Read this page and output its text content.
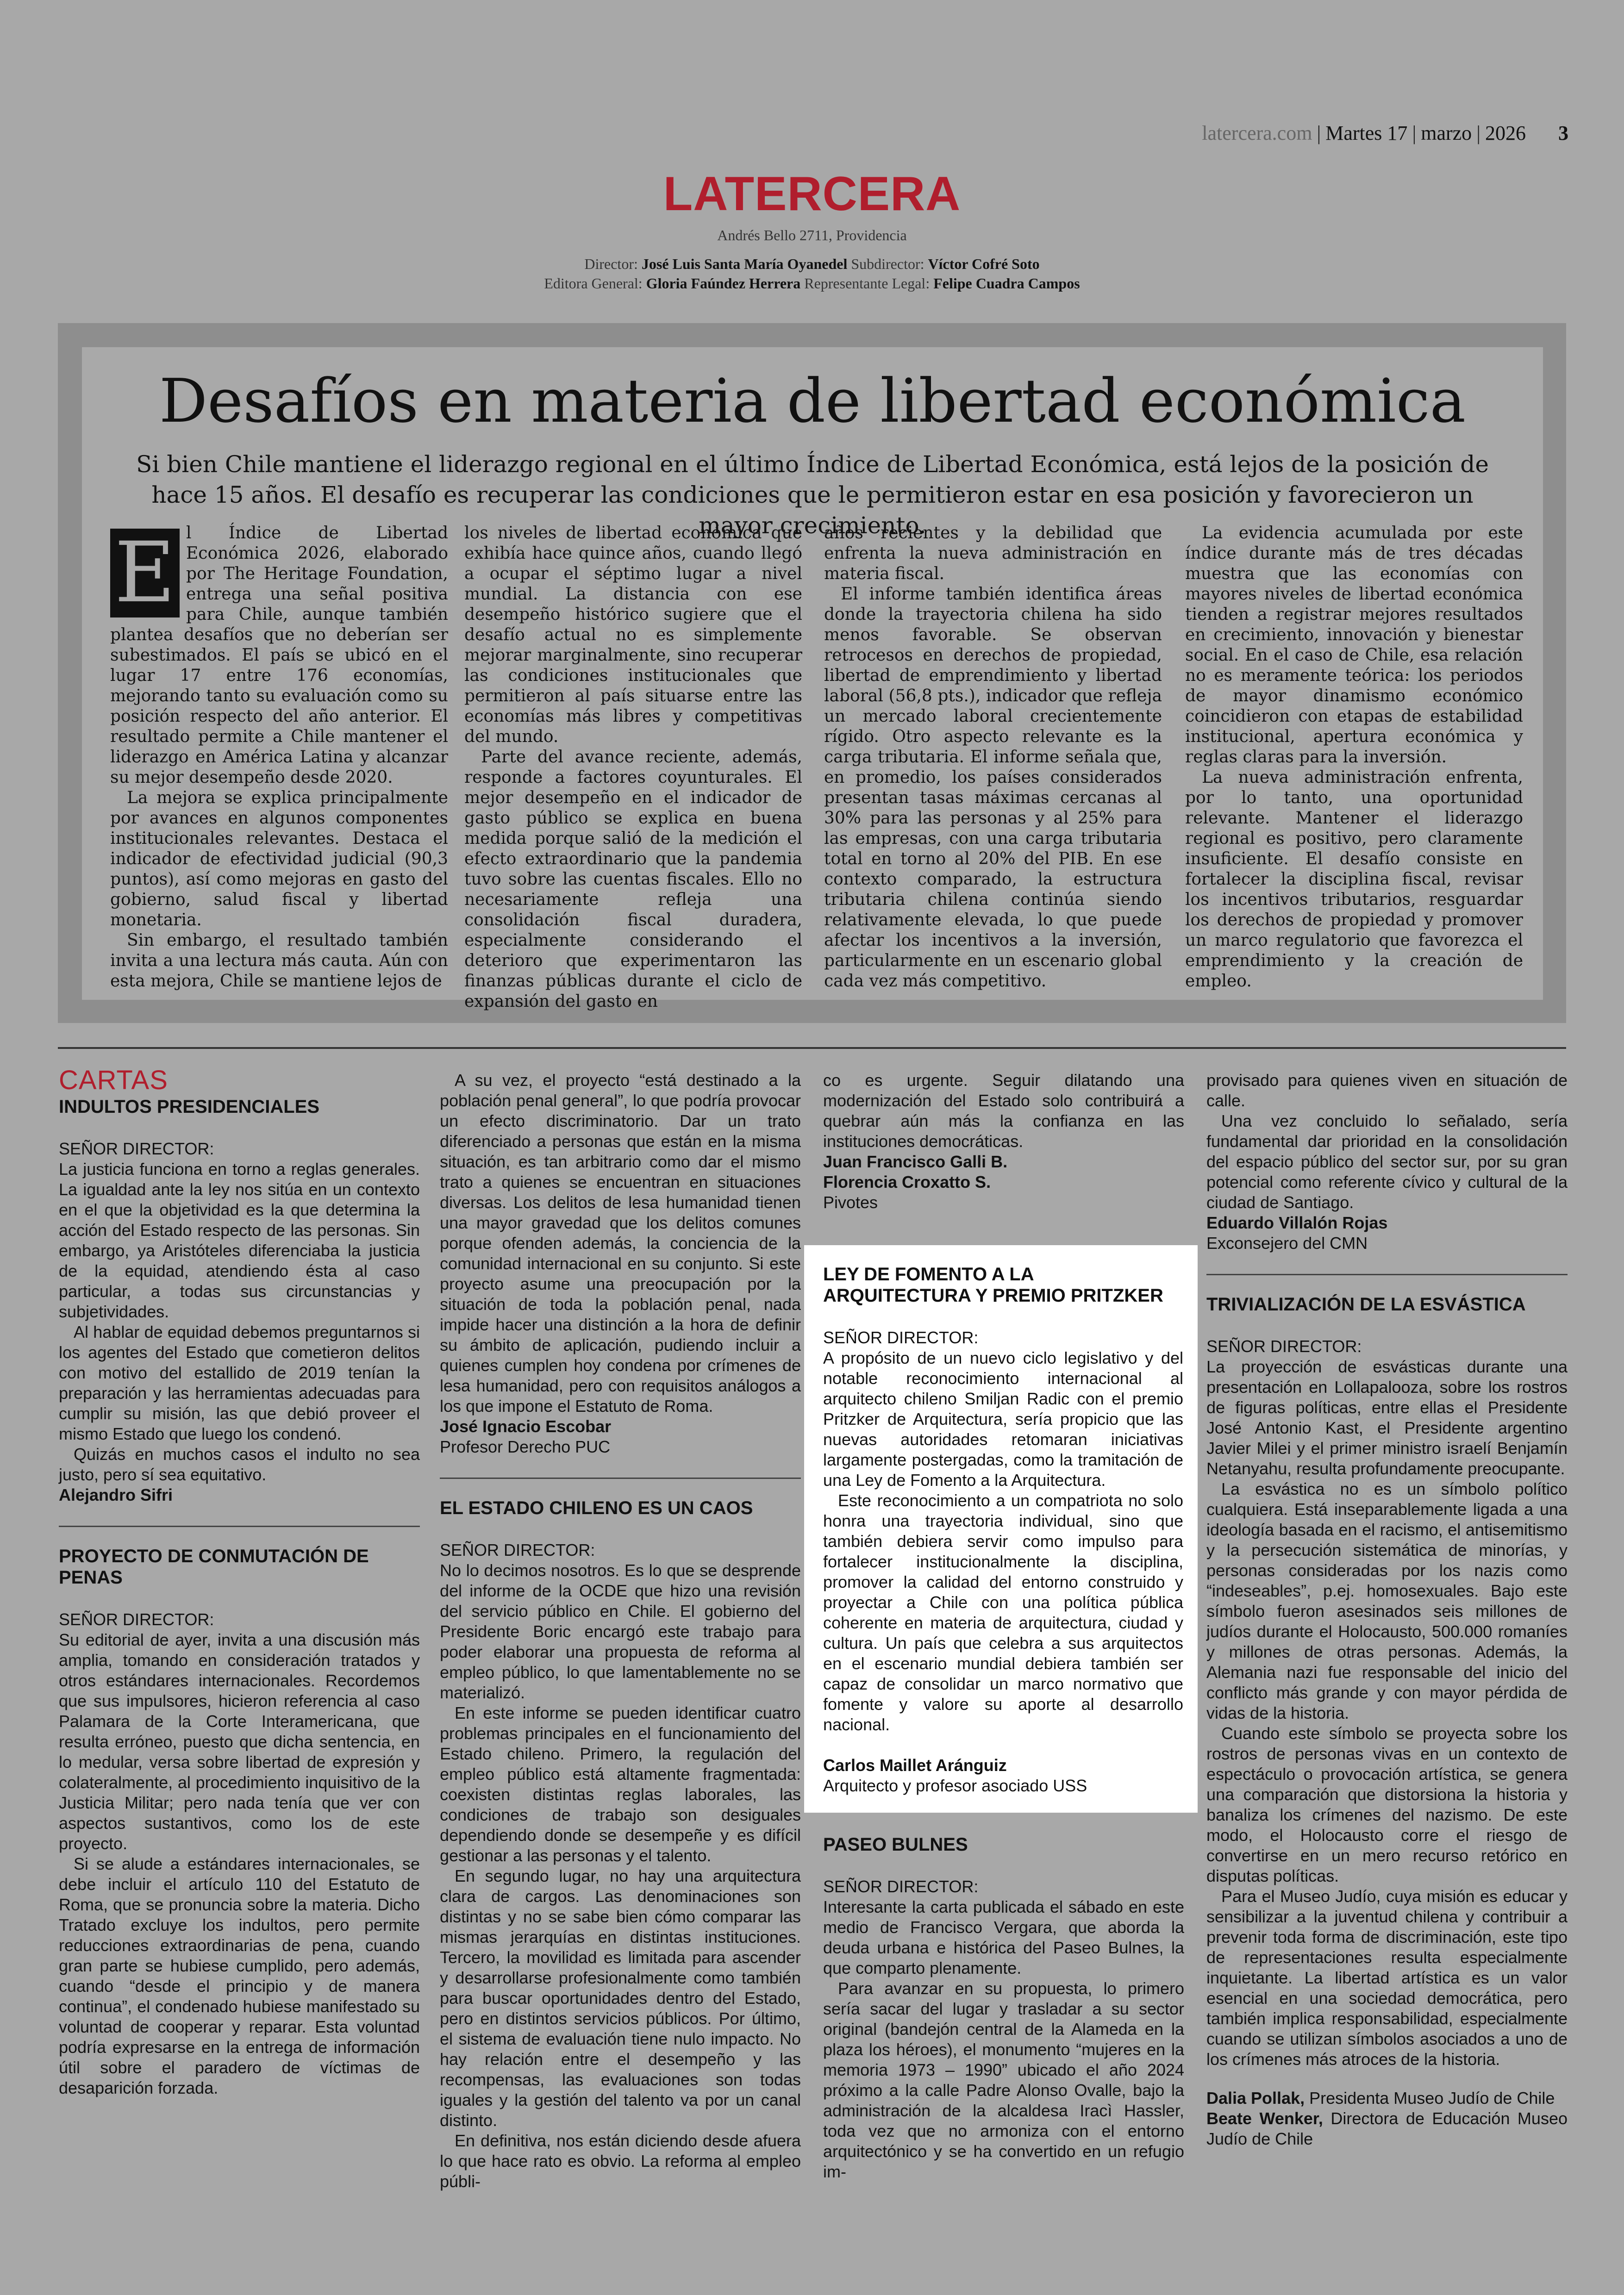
latercera.com | Martes 17 | marzo | 2026 3
LATERCERA
Andrés Bello 2711, Providencia
Director: José Luis Santa María Oyanedel Subdirector: Víctor Cofré Soto
Editora General: Gloria Faúndez Herrera Representante Legal: Felipe Cuadra Campos
Desafíos en materia de libertad económica
Si bien Chile mantiene el liderazgo regional en el último Índice de Libertad Económica, está lejos de la posición de hace 15 años. El desafío es recuperar las condiciones que le permitieron estar en esa posición y favorecieron un mayor crecimiento.

E l Índice de Libertad Económica 2026, elaborado por The Heritage Foundation, entrega una señal positiva para Chile, aunque también plantea desafíos que no deberían ser subestimados. El país se ubicó en el lugar 17 entre 176 economías, mejorando tanto su evaluación como su posición respecto del año anterior. El resultado permite a Chile mantener el liderazgo en América Latina y alcanzar su mejor desempeño desde 2020.

La mejora se explica principalmente por avances en algunos componentes institucionales relevantes. Destaca el indicador de efectividad judicial (90,3 puntos), así como mejoras en gasto del gobierno, salud fiscal y libertad monetaria.

Sin embargo, el resultado también invita a una lectura más cauta. Aún con esta mejora, Chile se mantiene lejos de

los niveles de libertad económica que exhibía hace quince años, cuando llegó a ocupar el séptimo lugar a nivel mundial. La distancia con ese desempeño histórico sugiere que el desafío actual no es simplemente mejorar marginalmente, sino recuperar las condiciones institucionales que permitieron al país situarse entre las economías más libres y competitivas del mundo.

Parte del avance reciente, además, responde a factores coyunturales. El mejor desempeño en el indicador de gasto público se explica en buena medida porque salió de la medición el efecto extraordinario que la pandemia tuvo sobre las cuentas fiscales. Ello no necesariamente refleja una consolidación fiscal duradera, especialmente considerando el deterioro que experimentaron las finanzas públicas durante el ciclo de expansión del gasto en

años recientes y la debilidad que enfrenta la nueva administración en materia fiscal.

El informe también identifica áreas donde la trayectoria chilena ha sido menos favorable. Se observan retrocesos en derechos de propiedad, libertad de emprendimiento y libertad laboral (56,8 pts.), indicador que refleja un mercado laboral crecientemente rígido. Otro aspecto relevante es la carga tributaria. El informe señala que, en promedio, los países considerados presentan tasas máximas cercanas al 30% para las personas y al 25% para las empresas, con una carga tributaria total en torno al 20% del PIB. En ese contexto comparado, la estructura tributaria chilena continúa siendo relativamente elevada, lo que puede afectar los incentivos a la inversión, particularmente en un escenario global cada vez más competitivo.

La evidencia acumulada por este índice durante más de tres décadas muestra que las economías con mayores niveles de libertad económica tienden a registrar mejores resultados en crecimiento, innovación y bienestar social. En el caso de Chile, esa relación no es meramente teórica: los periodos de mayor dinamismo económico coincidieron con etapas de estabilidad institucional, apertura económica y reglas claras para la inversión.

La nueva administración enfrenta, por lo tanto, una oportunidad relevante. Mantener el liderazgo regional es positivo, pero claramente insuficiente. El desafío consiste en fortalecer la disciplina fiscal, revisar los incentivos tributarios, resguardar los derechos de propiedad y promover un marco regulatorio que favorezca el emprendimiento y la creación de empleo.

CARTAS
INDULTOS PRESIDENCIALES

SEÑOR DIRECTOR:

La justicia funciona en torno a reglas generales. La igualdad ante la ley nos sitúa en un contexto en el que la objetividad es la que determina la acción del Estado respecto de las personas. Sin embargo, ya Aristóteles diferenciaba la justicia de la equidad, atendiendo ésta al caso particular, a todas sus circunstancias y subjetividades.

Al hablar de equidad debemos preguntarnos si los agentes del Estado que cometieron delitos con motivo del estallido de 2019 tenían la preparación y las herramientas adecuadas para cumplir su misión, las que debió proveer el mismo Estado que luego los condenó.

Quizás en muchos casos el indulto no sea justo, pero sí sea equitativo.

Alejandro Sifri

PROYECTO DE CONMUTACIÓN DE PENAS

SEÑOR DIRECTOR:

Su editorial de ayer, invita a una discusión más amplia, tomando en consideración tratados y otros estándares internacionales. Recordemos que sus impulsores, hicieron referencia al caso Palamara de la Corte Interamericana, que resulta erróneo, puesto que dicha sentencia, en lo medular, versa sobre libertad de expresión y colateralmente, al procedimiento inquisitivo de la Justicia Militar; pero nada tenía que ver con aspectos sustantivos, como los de este proyecto.

Si se alude a estándares internacionales, se debe incluir el artículo 110 del Estatuto de Roma, que se pronuncia sobre la materia. Dicho Tratado excluye los indultos, pero permite reducciones extraordinarias de pena, cuando gran parte se hubiese cumplido, pero además, cuando “desde el principio y de manera continua”, el condenado hubiese manifestado su voluntad de cooperar y reparar. Esta voluntad podría expresarse en la entrega de información útil sobre el paradero de víctimas de desaparición forzada.

A su vez, el proyecto “está destinado a la población penal general”, lo que podría provocar un efecto discriminatorio. Dar un trato diferenciado a personas que están en la misma situación, es tan arbitrario como dar el mismo trato a quienes se encuentran en situaciones diversas. Los delitos de lesa humanidad tienen una mayor gravedad que los delitos comunes porque ofenden además, la conciencia de la comunidad internacional en su conjunto. Si este proyecto asume una preocupación por la situación de toda la población penal, nada impide hacer una distinción a la hora de definir su ámbito de aplicación, pudiendo incluir a quienes cumplen hoy condena por crímenes de lesa humanidad, pero con requisitos análogos a los que impone el Estatuto de Roma.

José Ignacio Escobar

Profesor Derecho PUC

EL ESTADO CHILENO ES UN CAOS

SEÑOR DIRECTOR:

No lo decimos nosotros. Es lo que se desprende del informe de la OCDE que hizo una revisión del servicio público en Chile. El gobierno del Presidente Boric encargó este trabajo para poder elaborar una propuesta de reforma al empleo público, lo que lamentablemente no se materializó.

En este informe se pueden identificar cuatro problemas principales en el funcionamiento del Estado chileno. Primero, la regulación del empleo público está altamente fragmentada: coexisten distintas reglas laborales, las condiciones de trabajo son desiguales dependiendo donde se desempeñe y es difícil gestionar a las personas y el talento.

En segundo lugar, no hay una arquitectura clara de cargos. Las denominaciones son distintas y no se sabe bien cómo comparar las mismas jerarquías en distintas instituciones. Tercero, la movilidad es limitada para ascender y desarrollarse profesionalmente como también para buscar oportunidades dentro del Estado, pero en distintos servicios públicos. Por último, el sistema de evaluación tiene nulo impacto. No hay relación entre el desempeño y las recompensas, las evaluaciones son todas iguales y la gestión del talento va por un canal distinto.

En definitiva, nos están diciendo desde afuera lo que hace rato es obvio. La reforma al empleo públi-

co es urgente. Seguir dilatando una modernización del Estado solo contribuirá a quebrar aún más la confianza en las instituciones democráticas.

Juan Francisco Galli B.

Florencia Croxatto S.

Pivotes

LEY DE FOMENTO A LA ARQUITECTURA Y PREMIO PRITZKER

SEÑOR DIRECTOR:

A propósito de un nuevo ciclo legislativo y del notable reconocimiento internacional al arquitecto chileno Smiljan Radic con el premio Pritzker de Arquitectura, sería propicio que las nuevas autoridades retomaran iniciativas largamente postergadas, como la tramitación de una Ley de Fomento a la Arquitectura.

Este reconocimiento a un compatriota no solo honra una trayectoria individual, sino que también debiera servir como impulso para fortalecer institucionalmente la disciplina, promover la calidad del entorno construido y proyectar a Chile con una política pública coherente en materia de arquitectura, ciudad y cultura. Un país que celebra a sus arquitectos en el escenario mundial debiera también ser capaz de consolidar un marco normativo que fomente y valore su aporte al desarrollo nacional.

Carlos Maillet Aránguiz

Arquitecto y profesor asociado USS

PASEO BULNES

SEÑOR DIRECTOR:

Interesante la carta publicada el sábado en este medio de Francisco Vergara, que aborda la deuda urbana e histórica del Paseo Bulnes, la que comparto plenamente.

Para avanzar en su propuesta, lo primero sería sacar del lugar y trasladar a su sector original (bandejón central de la Alameda en la plaza los héroes), el monumento “mujeres en la memoria 1973 – 1990” ubicado el año 2024 próximo a la calle Padre Alonso Ovalle, bajo la administración de la alcaldesa Iracì Hassler, toda vez que no armoniza con el entorno arquitectónico y se ha convertido en un refugio im-

provisado para quienes viven en situación de calle.

Una vez concluido lo señalado, sería fundamental dar prioridad en la consolidación del espacio público del sector sur, por su gran potencial como referente cívico y cultural de la ciudad de Santiago.

Eduardo Villalón Rojas

Exconsejero del CMN

TRIVIALIZACIÓN DE LA ESVÁSTICA

SEÑOR DIRECTOR:

La proyección de esvásticas durante una presentación en Lollapalooza, sobre los rostros de figuras políticas, entre ellas el Presidente José Antonio Kast, el Presidente argentino Javier Milei y el primer ministro israelí Benjamín Netanyahu, resulta profundamente preocupante.

La esvástica no es un símbolo político cualquiera. Está inseparablemente ligada a una ideología basada en el racismo, el antisemitismo y la persecución sistemática de minorías, y personas consideradas por los nazis como “indeseables”, p.ej. homosexuales. Bajo este símbolo fueron asesinados seis millones de judíos durante el Holocausto, 500.000 romaníes y millones de otras personas. Además, la Alemania nazi fue responsable del inicio del conflicto más grande y con mayor pérdida de vidas de la historia.

Cuando este símbolo se proyecta sobre los rostros de personas vivas en un contexto de espectáculo o provocación artística, se genera una comparación que distorsiona la historia y banaliza los crímenes del nazismo. De este modo, el Holocausto corre el riesgo de convertirse en un mero recurso retórico en disputas políticas.

Para el Museo Judío, cuya misión es educar y sensibilizar a la juventud chilena y contribuir a prevenir toda forma de discriminación, este tipo de representaciones resulta especialmente inquietante. La libertad artística es un valor esencial en una sociedad democrática, pero también implica responsabilidad, especialmente cuando se utilizan símbolos asociados a uno de los crímenes más atroces de la historia.

Dalia Pollak, Presidenta Museo Judío de Chile

Beate Wenker, Directora de Educación Museo Judío de Chile
